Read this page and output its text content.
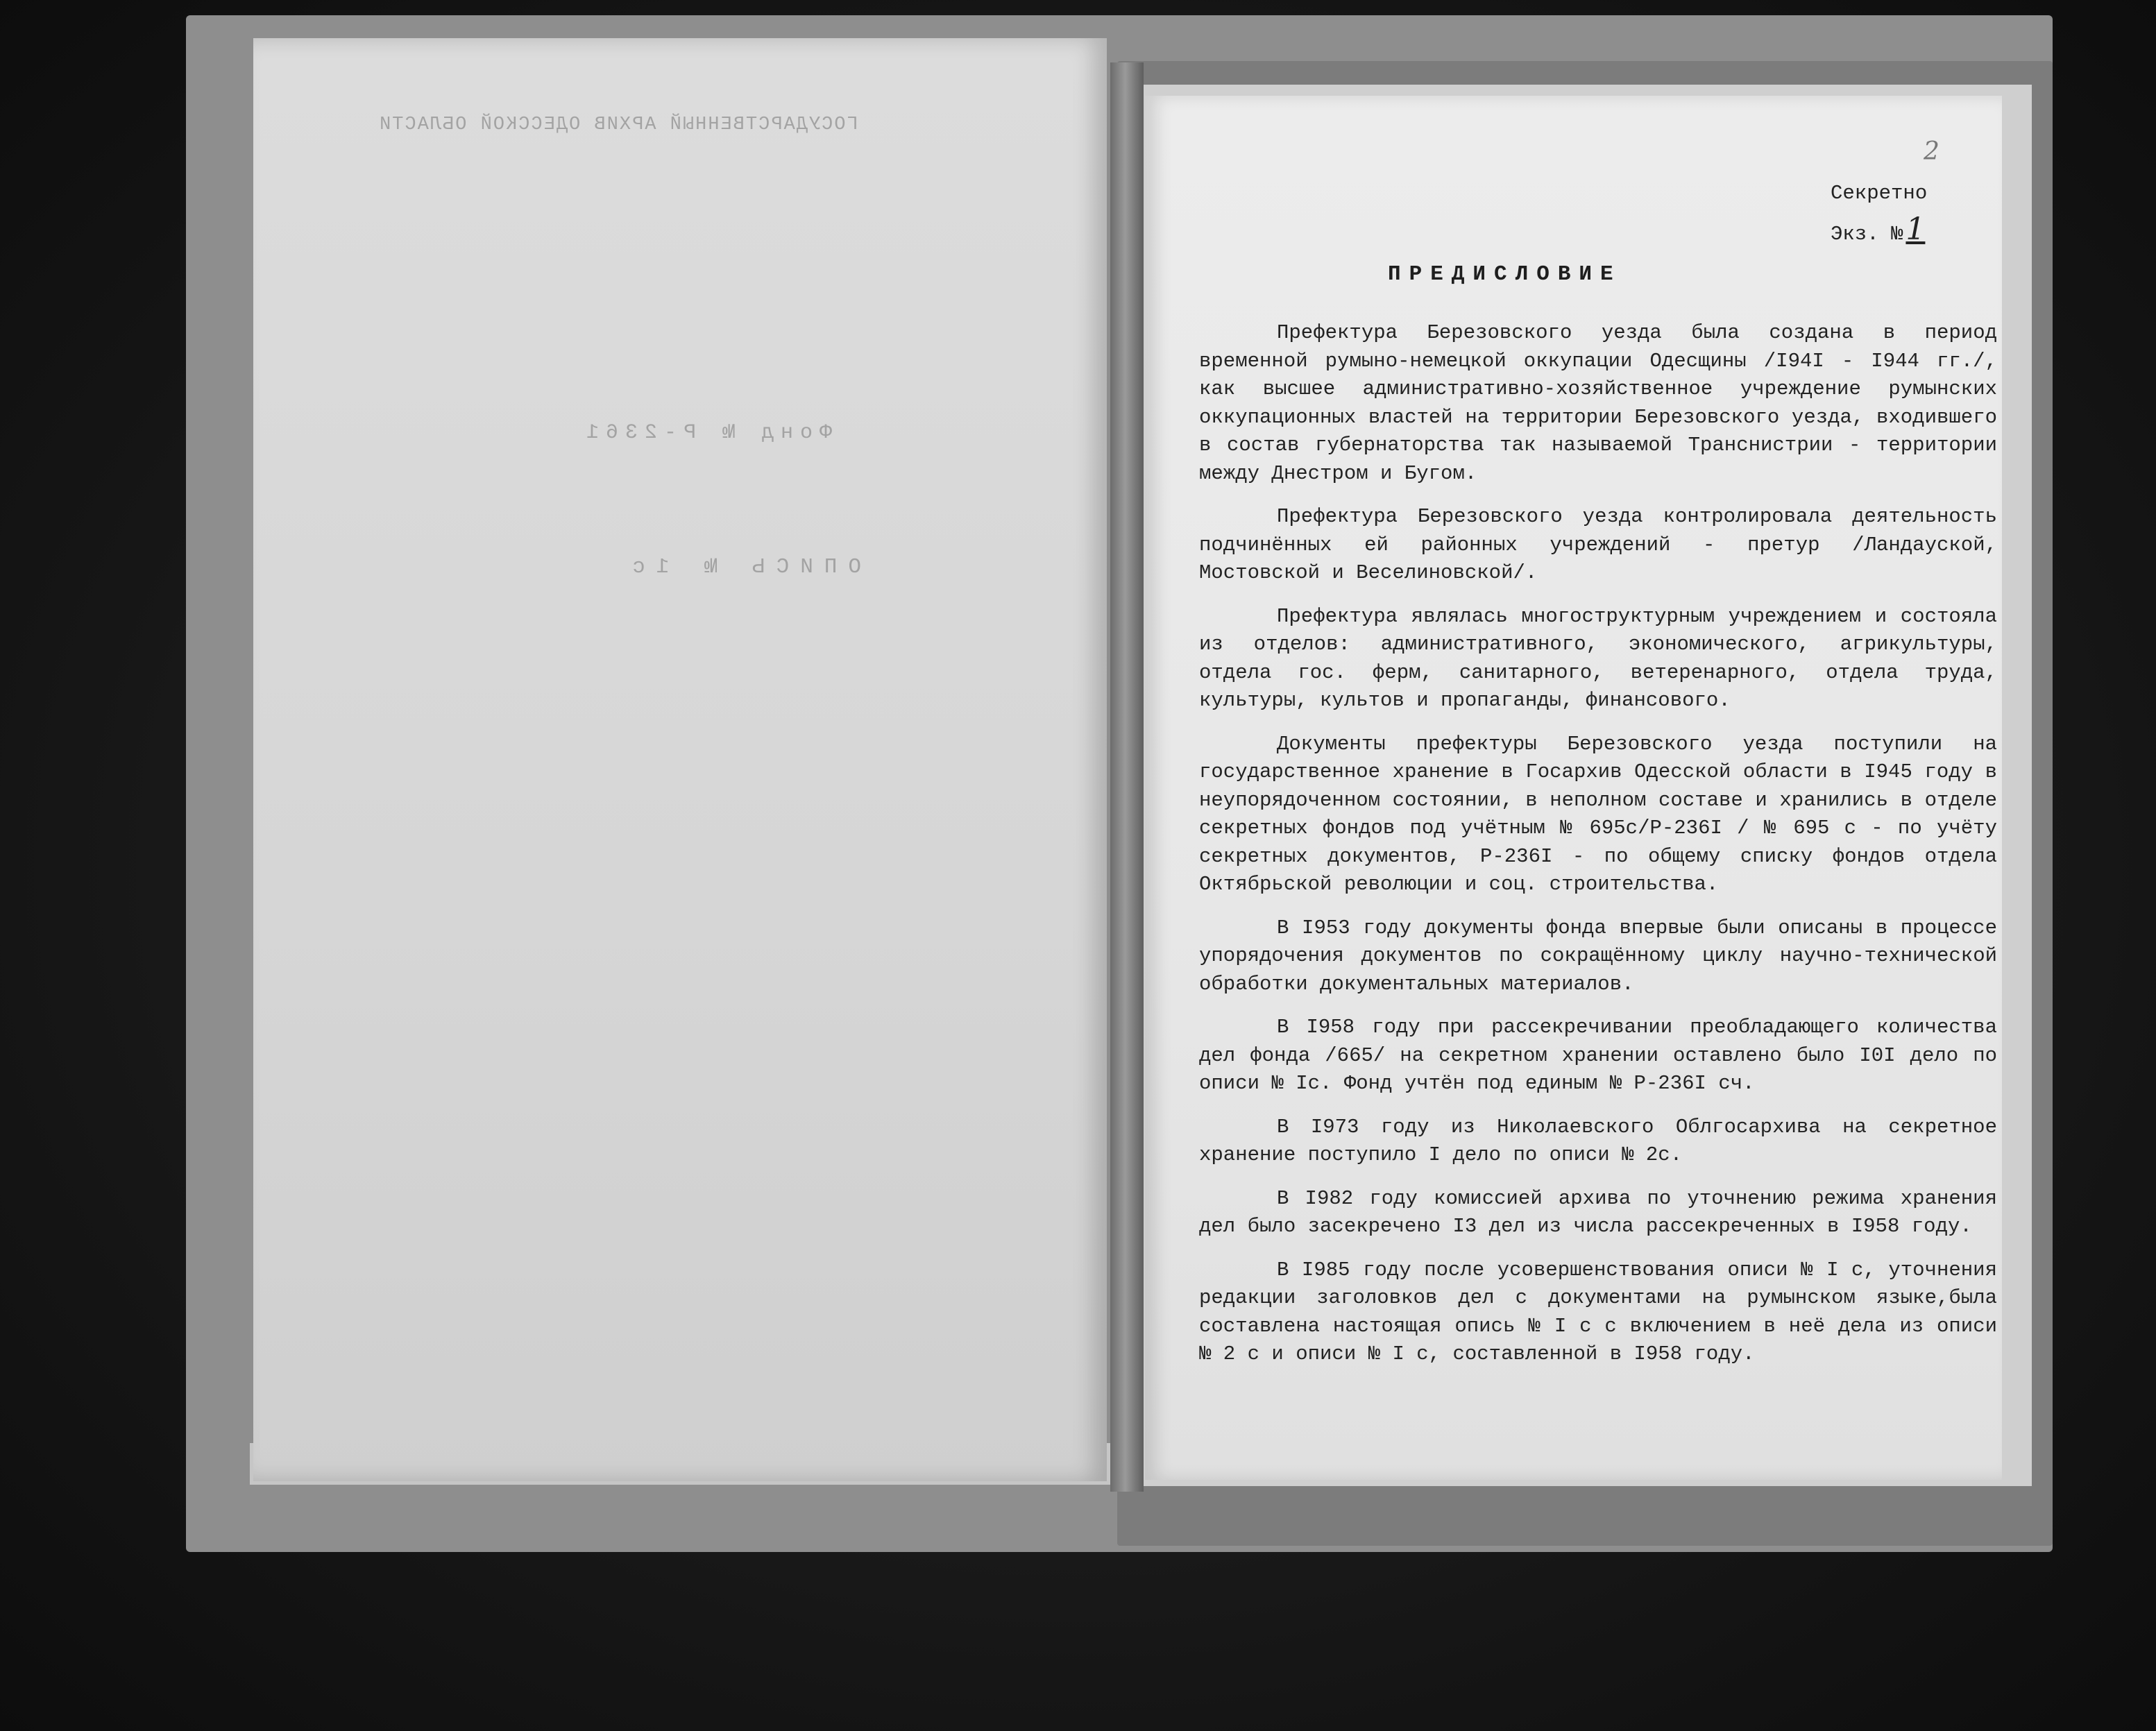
ГОСУДАРСТВЕННЫЙ АРХИВ ОДЕССКОЙ ОБЛАСТИ
Фонд № Р-2361
ОПИСЬ № 1с
2
Секретно
Экз. №1
ПРЕДИСЛОВИЕ

Префектура Березовского уезда была создана в период временной румыно-немецкой оккупации Одесщины /I94I - I944 гг./, как высшее административно-хозяйственное учреждение румынских оккупационных властей на территории Березовского уезда, входившего в состав губернаторства так называемой Транснистрии - территории между Днестром и Бугом.

Префектура Березовского уезда контролировала деятельность подчинённых ей районных учреждений - претур /Ландауской, Мостовской и Веселиновской/.

Префектура являлась многоструктурным учреждением и состояла из отделов: административного, экономического, агрикультуры, отдела гос. ферм, санитарного, ветеренарного, отдела труда, культуры, культов и пропаганды, финансового.

Документы префектуры Березовского уезда поступили на государственное хранение в Госархив Одесской области в I945 году в неупорядоченном состоянии, в неполном составе и хранились в отделе секретных фондов под учётным № 695с/Р-236I / № 695 с - по учёту секретных документов, Р-236I - по общему списку фондов отдела Октябрьской революции и соц. строительства.

В I953 году документы фонда впервые были описаны в процессе упорядочения документов по сокращённому циклу научно-технической обработки документальных материалов.

В I958 году при рассекречивании преобладающего количества дел фонда /665/ на секретном хранении оставлено было I0I дело по описи № Iс. Фонд учтён под единым № Р-236I сч.

В I973 году из Николаевского Облгосархива на секретное хранение поступило I дело по описи № 2с.

В I982 году комиссией архива по уточнению режима хранения дел было засекречено I3 дел из числа рассекреченных в I958 году.

В I985 году после усовершенствования описи № I с, уточнения редакции заголовков дел с документами на румынском языке,была составлена настоящая опись № I с с включением в неё дела из описи № 2 с и описи № I с, составленной в I958 году.
